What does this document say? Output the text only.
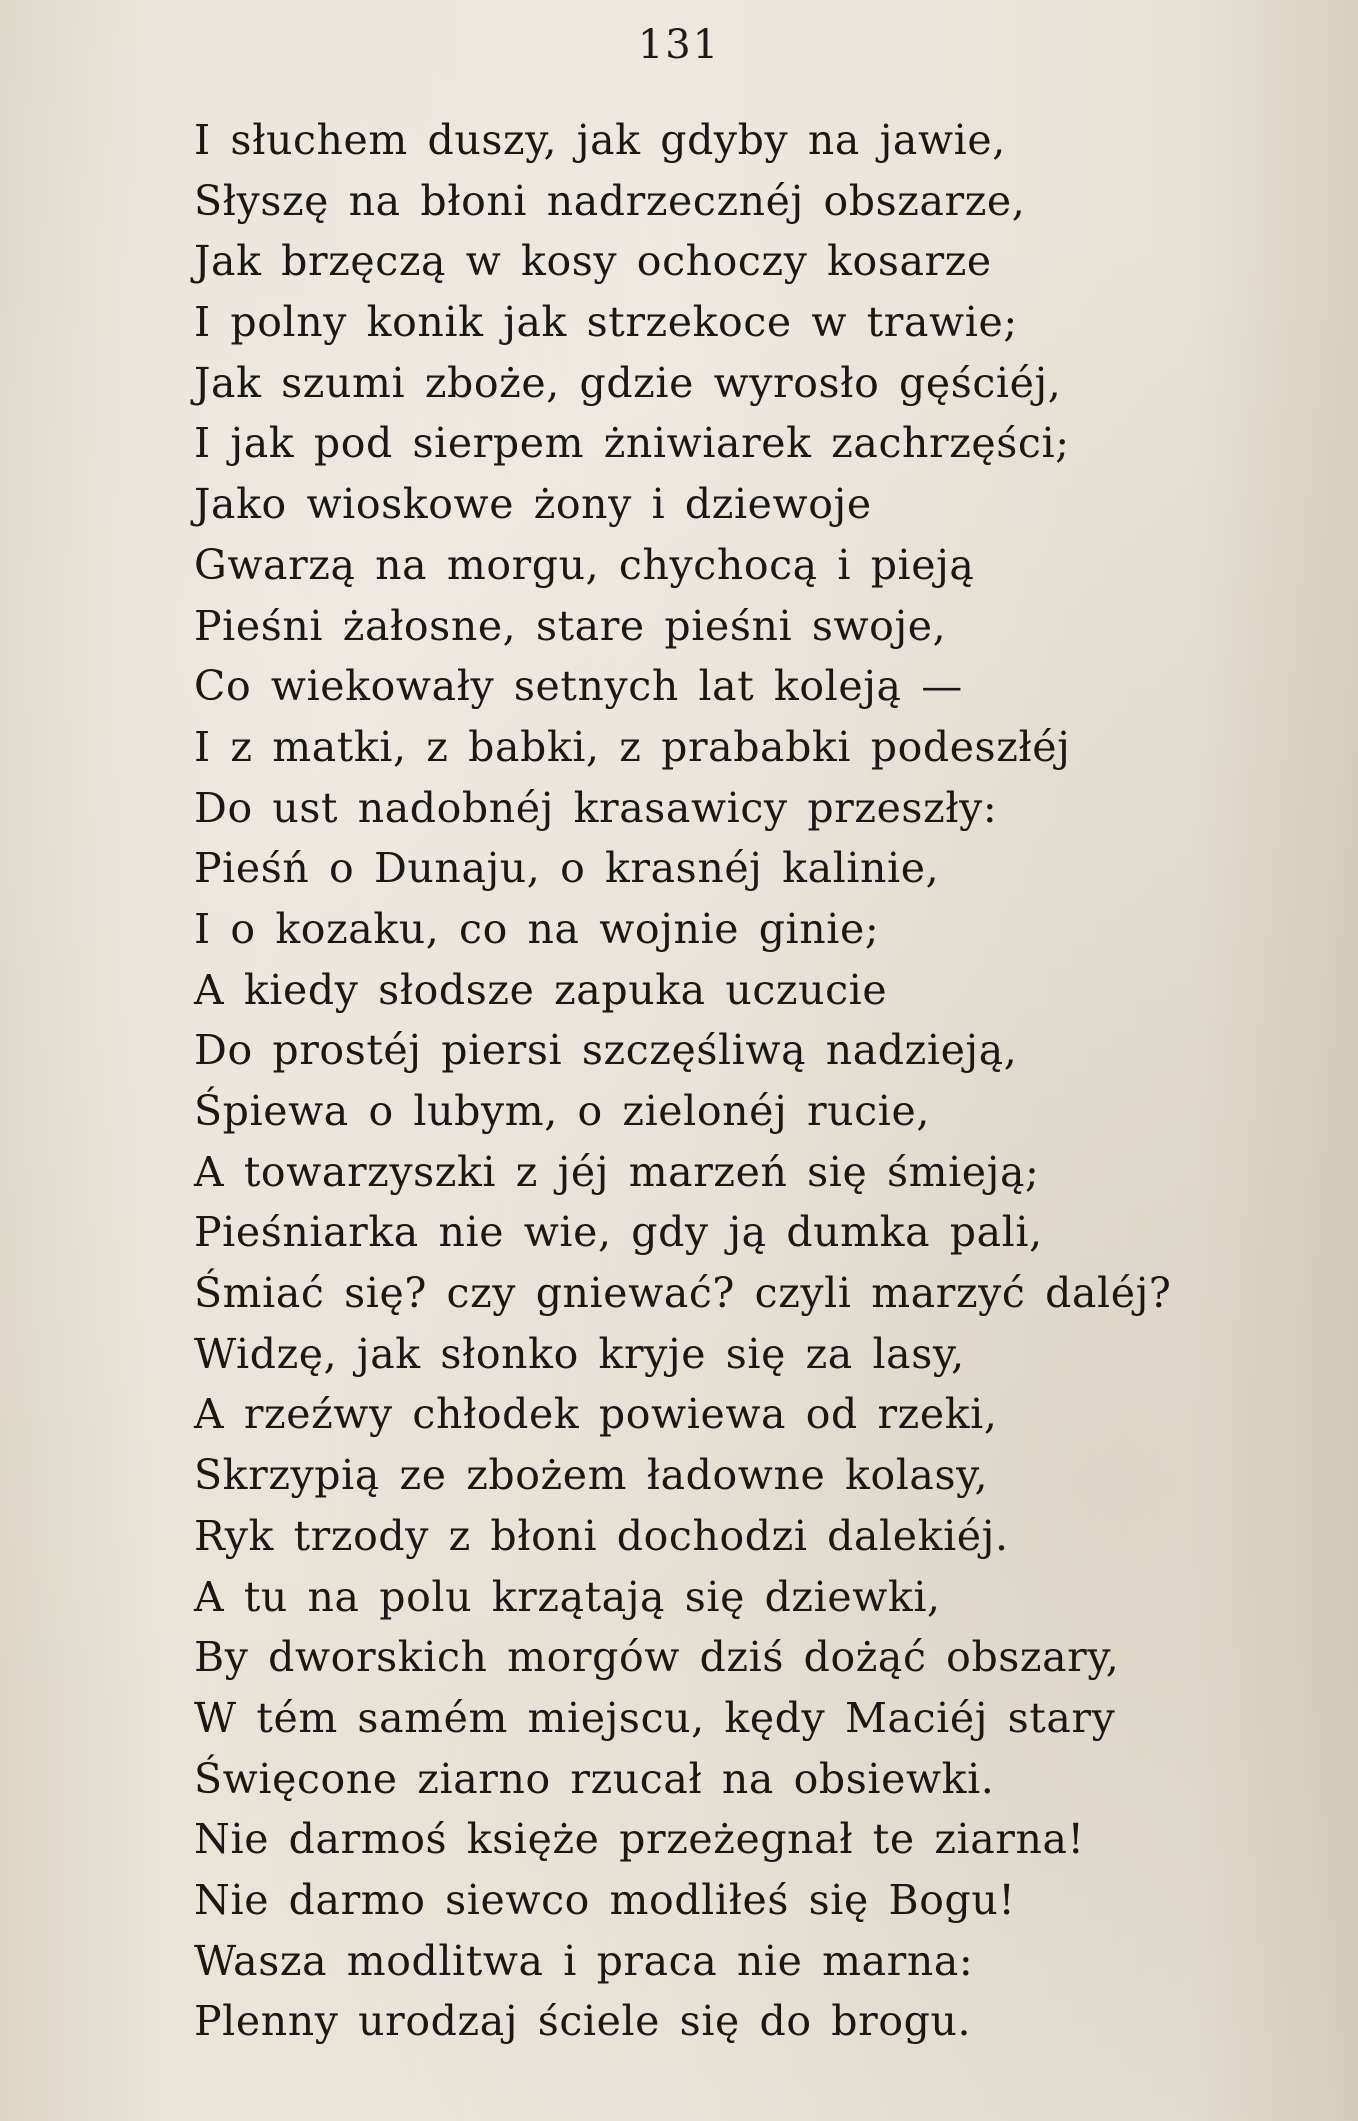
131

I słuchem duszy, jak gdyby na jawie,
Słyszę na błoni nadrzecznéj obszarze,
Jak brzęczą w kosy ochoczy kosarze
I polny konik jak strzekoce w trawie;
Jak szumi zboże, gdzie wyrosło gęściéj,
I jak pod sierpem żniwiarek zachrzęści;
Jako wioskowe żony i dziewoje
Gwarzą na morgu, chychocą i pieją
Pieśni żałosne, stare pieśni swoje,
Co wiekowały setnych lat koleją —
I z matki, z babki, z prababki podeszłéj
Do ust nadobnéj krasawicy przeszły:
Pieśń o Dunaju, o krasnéj kalinie,
I o kozaku, co na wojnie ginie;
A kiedy słodsze zapuka uczucie
Do prostéj piersi szczęśliwą nadzieją,
Śpiewa o lubym, o zielonéj rucie,
A towarzyszki z jéj marzeń się śmieją;
Pieśniarka nie wie, gdy ją dumka pali,
Śmiać się? czy gniewać? czyli marzyć daléj?
Widzę, jak słonko kryje się za lasy,
A rzeźwy chłodek powiewa od rzeki,
Skrzypią ze zbożem ładowne kolasy,
Ryk trzody z błoni dochodzi dalekiéj.
A tu na polu krzątają się dziewki,
By dworskich morgów dziś dożąć obszary,
W tém samém miejscu, kędy Maciéj stary
Święcone ziarno rzucał na obsiewki.
Nie darmoś księże przeżegnał te ziarna!
Nie darmo siewco modliłeś się Bogu!
Wasza modlitwa i praca nie marna:
Plenny urodzaj ściele się do brogu.
